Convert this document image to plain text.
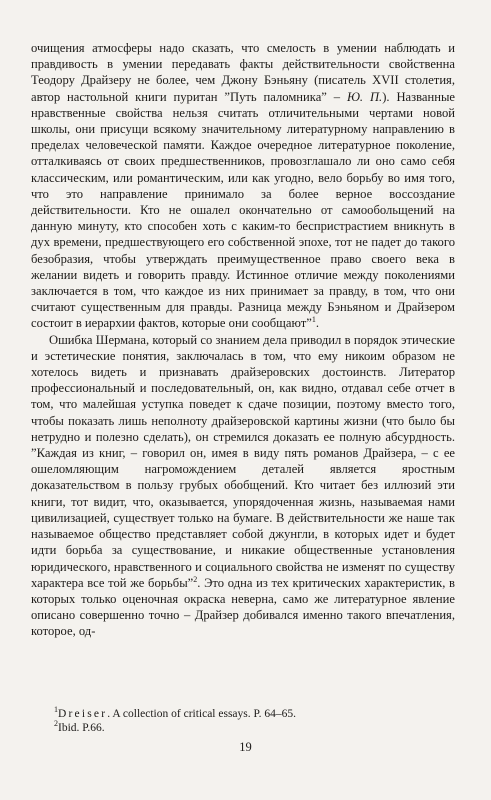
очищения атмосферы надо сказать, что смелость в умении наблюдать и правдивость в умении передавать факты действительности свойственна Теодору Драйзеру не более, чем Джону Бэньяну (писатель XVII столетия, автор настольной книги пуритан ”Путь паломника” – Ю. П.). Названные нравственные свойства нельзя считать отличительными чертами новой школы, они присущи всякому значительному литературному направлению в пределах человеческой памяти. Каждое очередное литературное поколение, отталкиваясь от своих предшественников, провозглашало ли оно само себя классическим, или романтическим, или как угодно, вело борьбу во имя того, что это направление принимало за более верное воссоздание действительности. Кто не ошалел окончательно от самообольщений на данную минуту, кто способен хоть с каким-то беспристрастием вникнуть в дух времени, предшествующего его собственной эпохе, тот не падет до такого безобразия, чтобы утверждать преимущественное право своего века в желании видеть и говорить правду. Истинное отличие между поколениями заключается в том, что каждое из них принимает за правду, в том, что они считают существенным для правды. Разница между Бэньяном и Драйзером состоит в иерархии фактов, которые они сообщают”$^1$.

Ошибка Шермана, который со знанием дела приводил в порядок этические и эстетические понятия, заключалась в том, что ему никоим образом не хотелось видеть и признавать драйзеровских достоинств. Литератор профессиональный и последовательный, он, как видно, отдавал себе отчет в том, что малейшая уступка поведет к сдаче позиции, поэтому вместо того, чтобы показать лишь неполноту драйзеровской картины жизни (что было бы нетрудно и полезно сделать), он стремился доказать ее полную абсурдность. ”Каждая из книг, – говорил он, имея в виду пять романов Драйзера, – с ее ошеломляющим нагромождением деталей является яростным доказательством в пользу грубых обобщений. Кто читает без иллюзий эти книги, тот видит, что, оказывается, упорядоченная жизнь, называемая нами цивилизацией, существует только на бумаге. В действительности же наше так называемое общество представляет собой джунгли, в которых идет и будет идти борьба за существование, и никакие общественные установления юридического, нравственного и социального свойства не изменят по существу характера все той же борьбы”$^2$. Это одна из тех критических характеристик, в которых только оценочная окраска неверна, само же литературное явление описано совершенно точно – Драйзер добивался именно такого впечатления, которое, од-

$^1$Dreiser. A collection of critical essays. P. 64–65.
$^2$Ibid. P.66.
19
